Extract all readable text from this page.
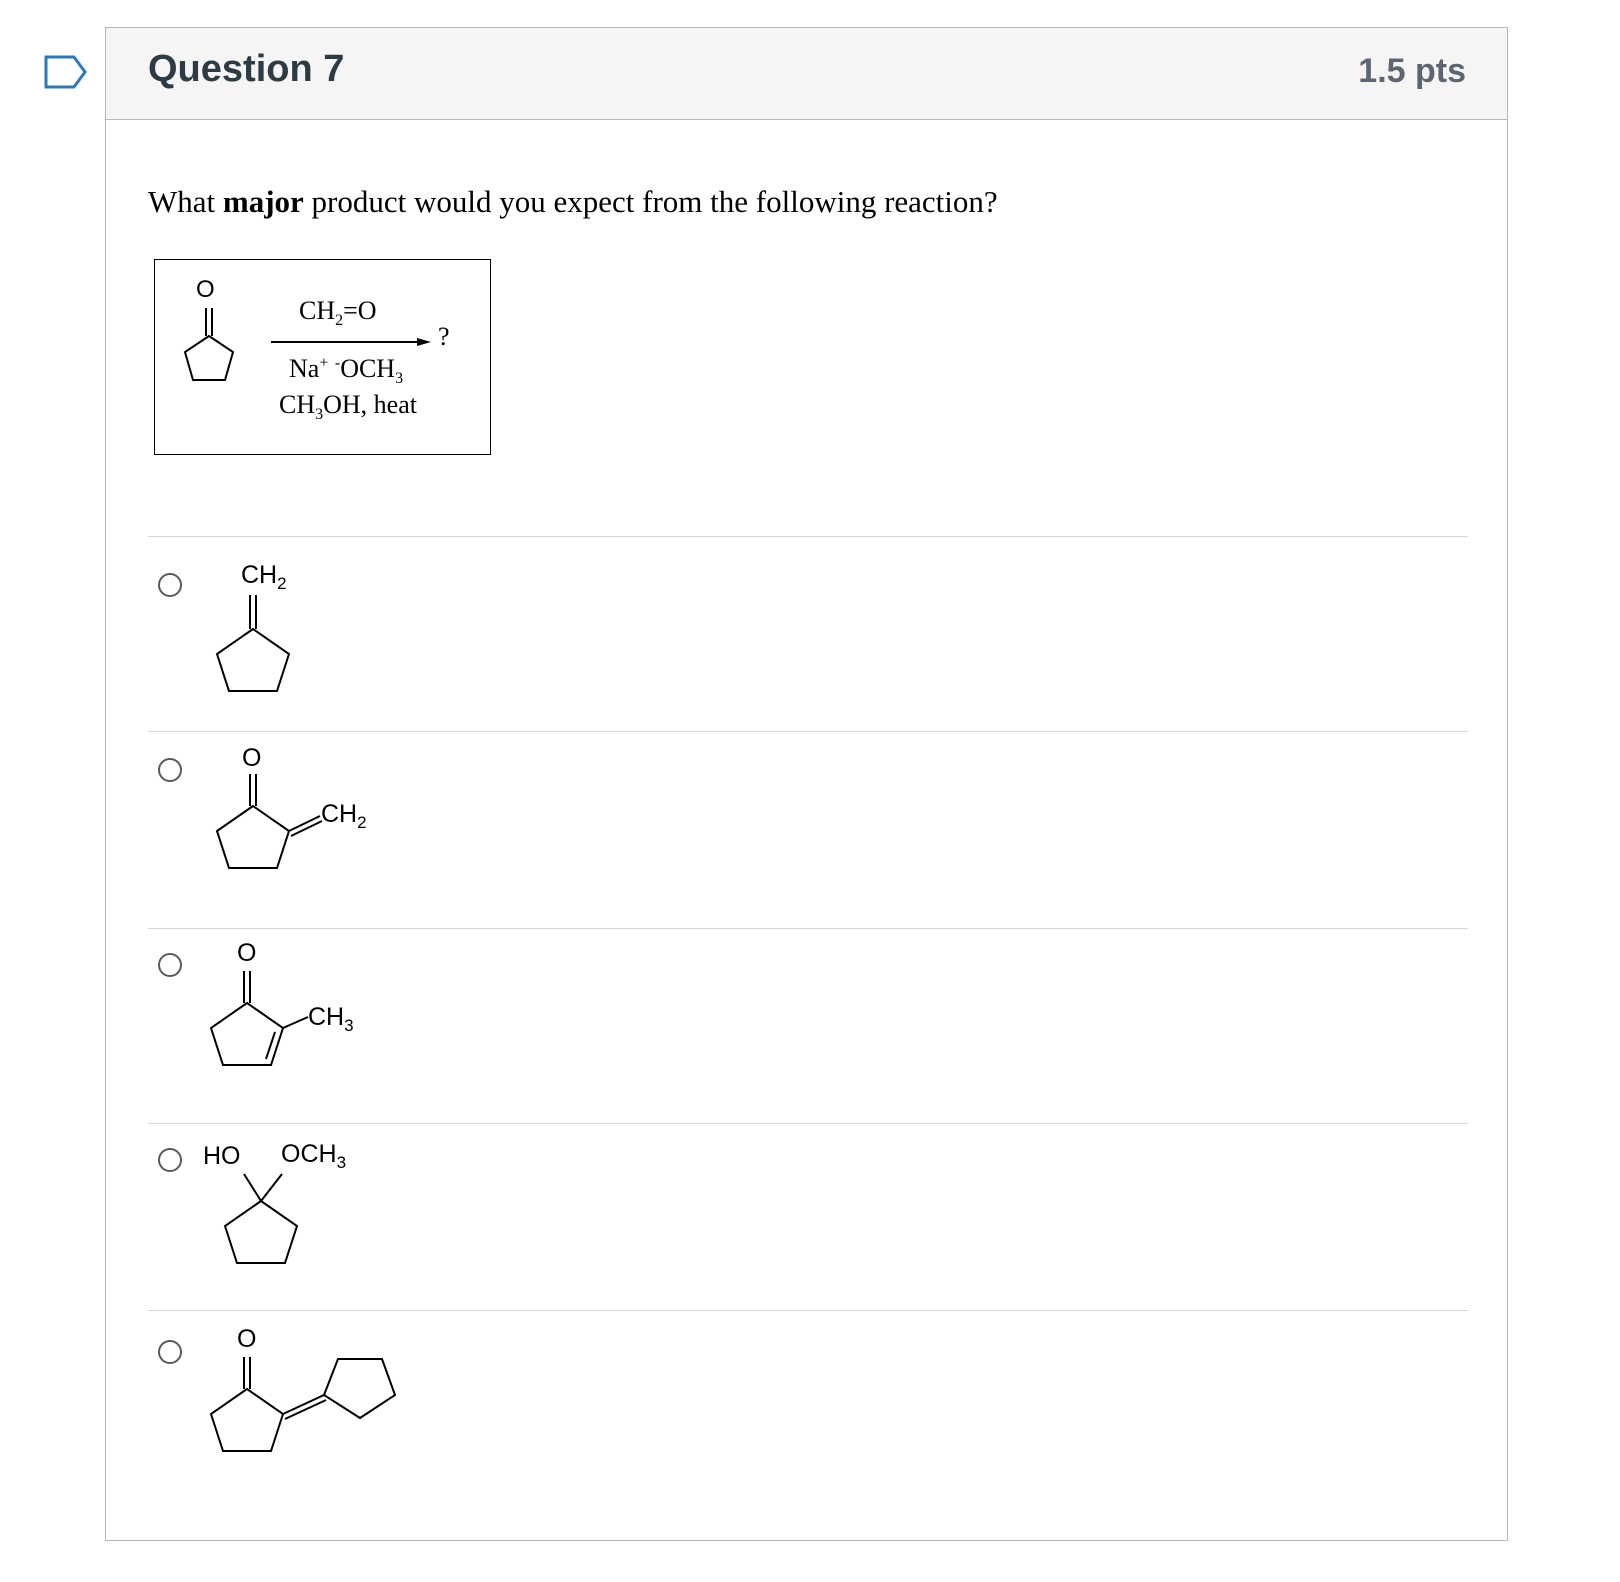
Question 7	1.5 pts
What major product would you expect from the following reaction?
O
$CH_2=O$
?
Na+ $^-OCH_3$
$CH_3OH$, heat
$CH_2$
O
$CH_2$
O
$CH_3$
HO $OCH_3$
O
